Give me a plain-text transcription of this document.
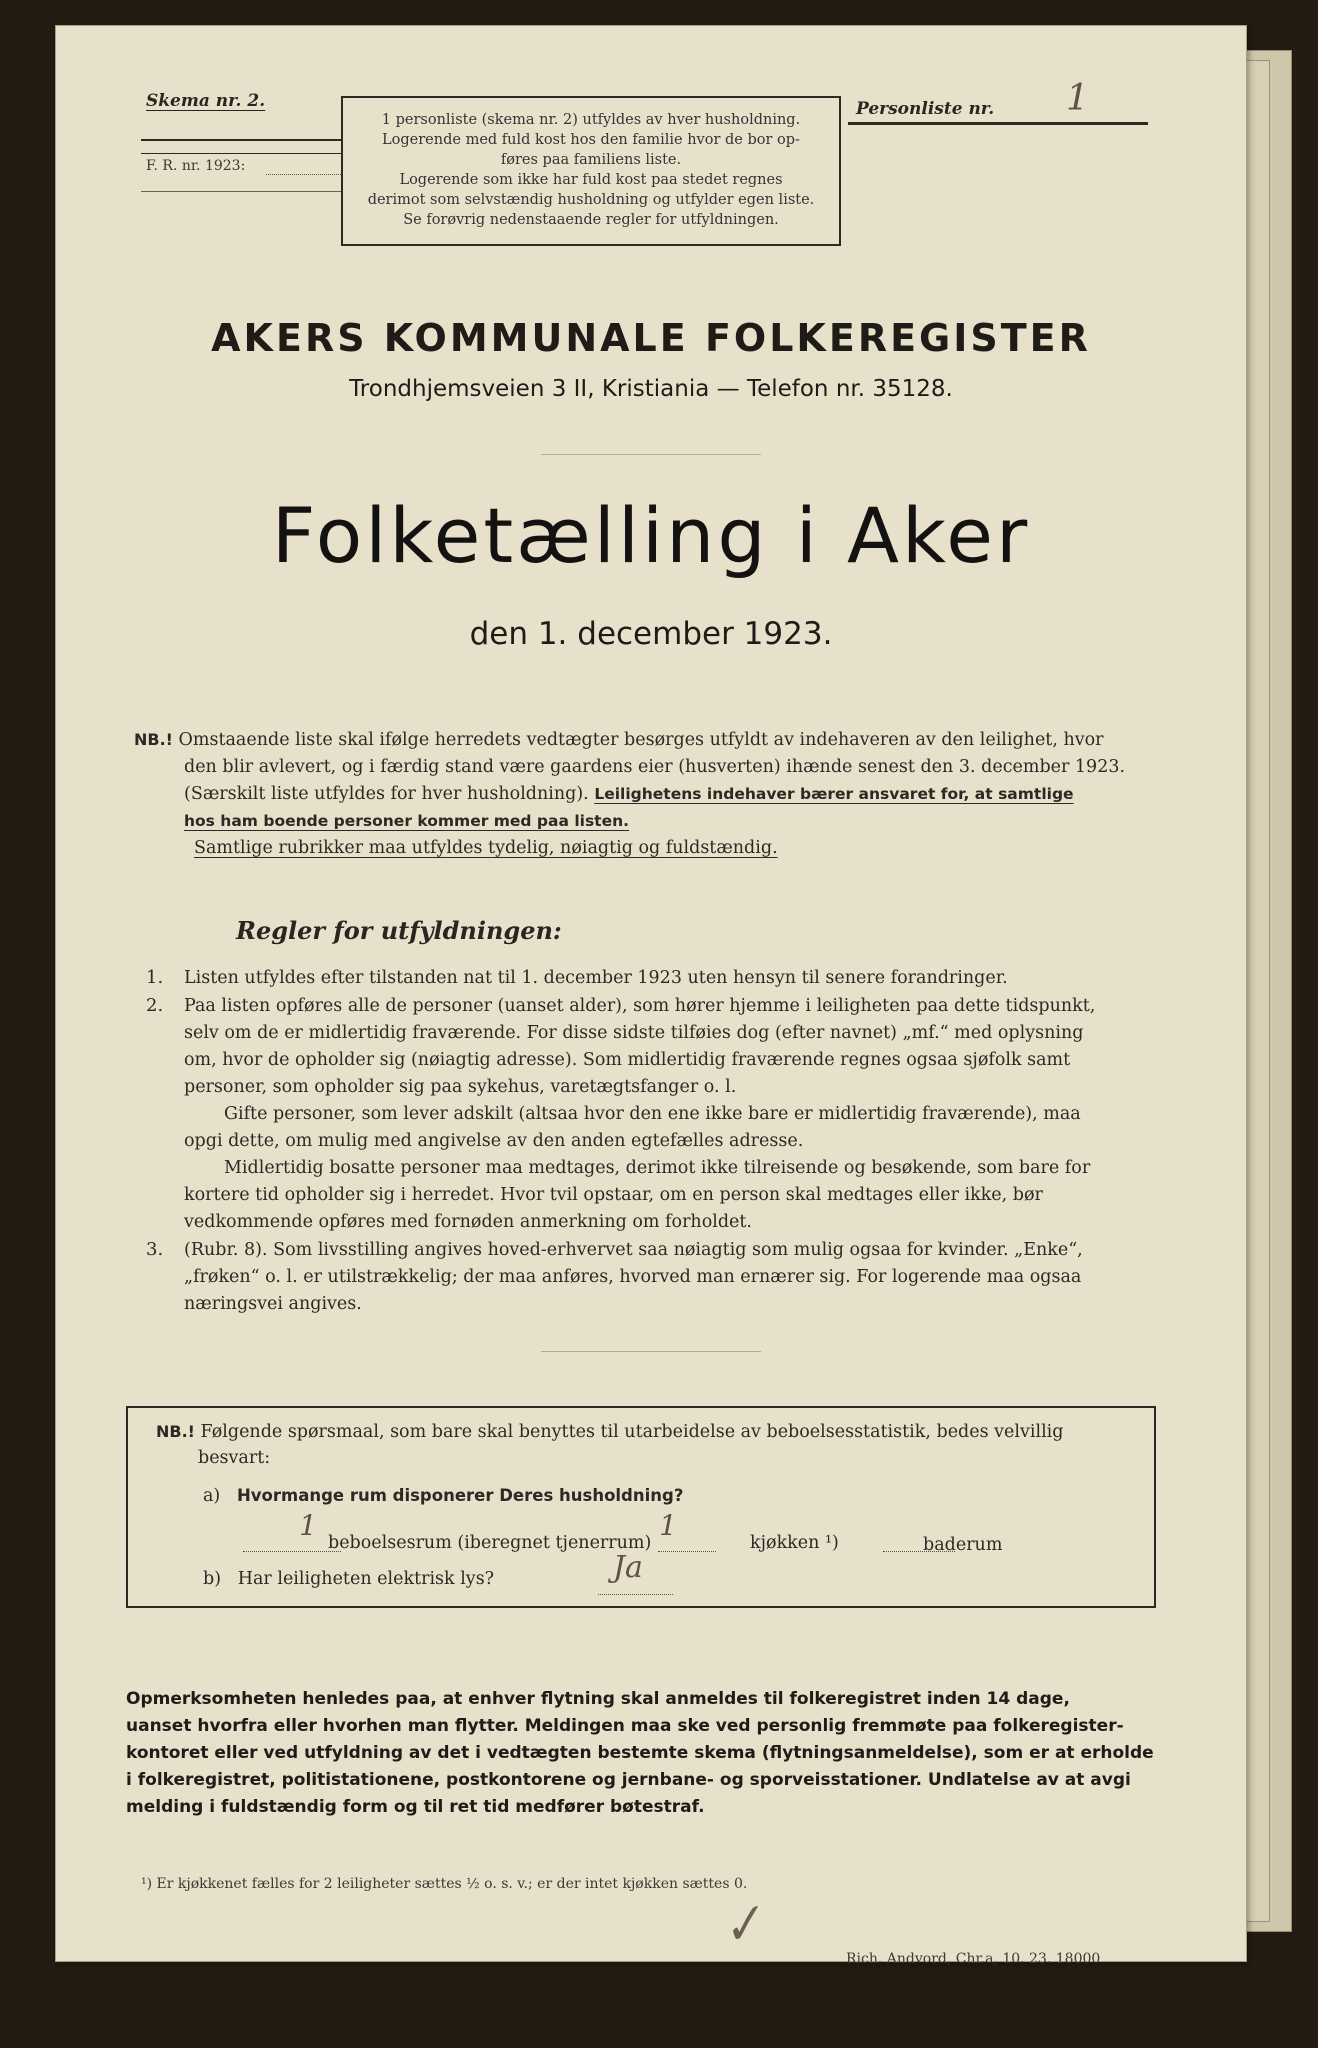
Skema nr. 2.
F. R. nr. 1923:
1 personliste (skema nr. 2) utfyldes av hver husholdning.
Logerende med fuld kost hos den familie hvor de bor op-
føres paa familiens liste.
Logerende som ikke har fuld kost paa stedet regnes
derimot som selvstændig husholdning og utfylder egen liste.
Se forøvrig nedenstaaende regler for utfyldningen.
Personliste nr. 1
AKERS KOMMUNALE FOLKEREGISTER
Trondhjemsveien 3 II, Kristiania — Telefon nr. 35128.
Folketælling i Aker
den 1. december 1923.
NB.! Omstaaende liste skal ifølge herredets vedtægter besørges utfyldt av indehaveren av den leilighet, hvor
den blir avlevert, og i færdig stand være gaardens eier (husverten) ihænde senest den 3. december 1923.
(Særskilt liste utfyldes for hver husholdning). Leilighetens indehaver bærer ansvaret for, at samtlige
hos ham boende personer kommer med paa listen.
Samtlige rubrikker maa utfyldes tydelig, nøiagtig og fuldstændig.
Regler for utfyldningen:
1. Listen utfyldes efter tilstanden nat til 1. december 1923 uten hensyn til senere forandringer.
2. Paa listen opføres alle de personer (uanset alder), som hører hjemme i leiligheten paa dette tidspunkt,
selv om de er midlertidig fraværende. For disse sidste tilføies dog (efter navnet) „mf.“ med oplysning
om, hvor de opholder sig (nøiagtig adresse). Som midlertidig fraværende regnes ogsaa sjøfolk samt
personer, som opholder sig paa sykehus, varetægtsfanger o. l.
Gifte personer, som lever adskilt (altsaa hvor den ene ikke bare er midlertidig fraværende), maa
opgi dette, om mulig med angivelse av den anden egtefælles adresse.
Midlertidig bosatte personer maa medtages, derimot ikke tilreisende og besøkende, som bare for
kortere tid opholder sig i herredet. Hvor tvil opstaar, om en person skal medtages eller ikke, bør
vedkommende opføres med fornøden anmerkning om forholdet.
3. (Rubr. 8). Som livsstilling angives hoved-erhvervet saa nøiagtig som mulig ogsaa for kvinder. „Enke“,
„frøken“ o. l. er utilstrækkelig; der maa anføres, hvorved man ernærer sig. For logerende maa ogsaa
næringsvei angives.
NB.! Følgende spørsmaal, som bare skal benyttes til utarbeidelse av beboelsesstatistik, bedes velvillig
besvart:
a) Hvormange rum disponerer Deres husholdning?
1
beboelsesrum (iberegnet tjenerrum)
1
kjøkken ¹)	baderum
b) Har leiligheten elektrisk lys?	Ja
Opmerksomheten henledes paa, at enhver flytning skal anmeldes til folkeregistret inden 14 dage,
uanset hvorfra eller hvorhen man flytter. Meldingen maa ske ved personlig fremmøte paa folkeregister-
kontoret eller ved utfyldning av det i vedtægten bestemte skema (flytningsanmeldelse), som er at erholde
i folkeregistret, politistationene, postkontorene og jernbane- og sporveisstationer. Undlatelse av at avgi
melding i fuldstændig form og til ret tid medfører bøtestraf.
¹) Er kjøkkenet fælles for 2 leiligheter sættes ½ o. s. v.; er der intet kjøkken sættes 0.
✓
Rich. Andvord, Chr.a, 10. 23. 18000
